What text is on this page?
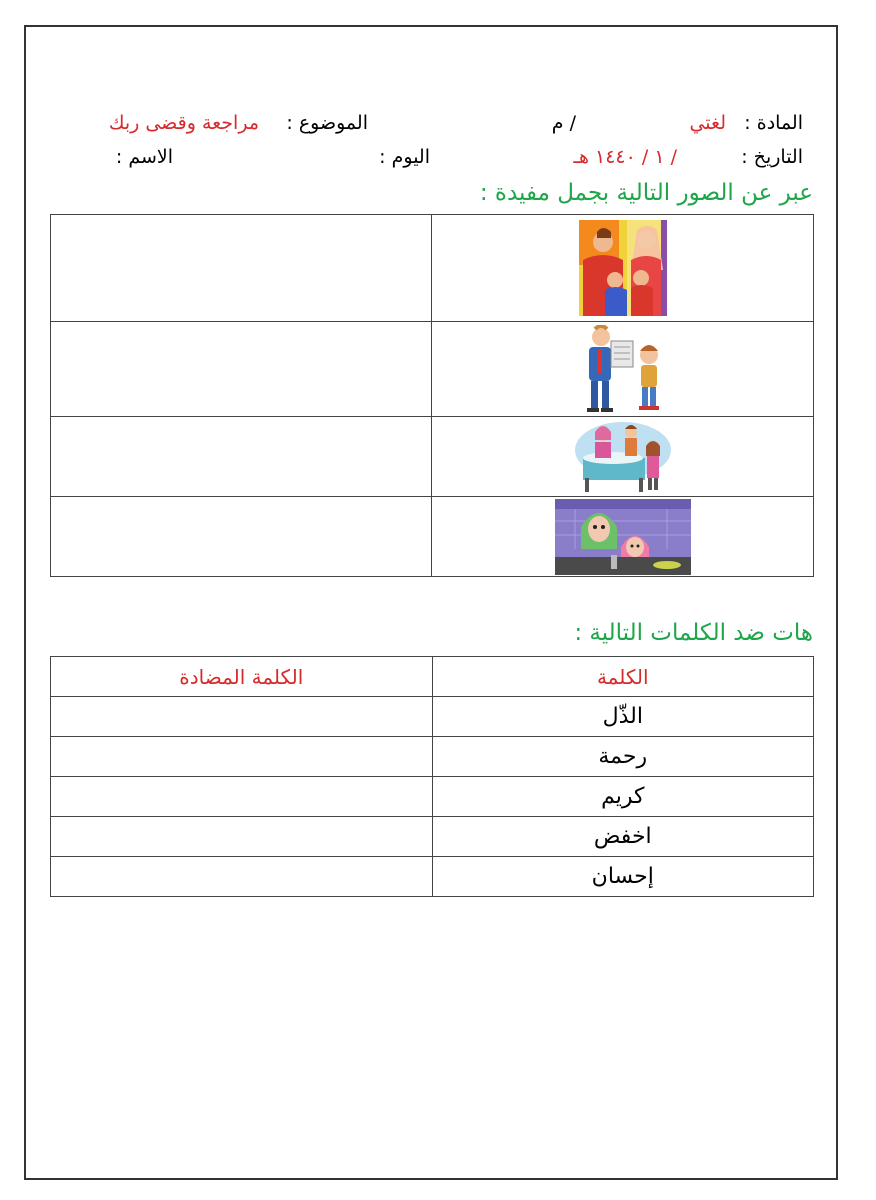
المادة :
لغتي
/ م
الموضوع :
مراجعة وقضى ربك
التاريخ :
/ ١ / ١٤٤٠ هـ
اليوم :
الاسم :
عبر عن الصور التالية بجمل مفيدة :

هات ضد الكلمات التالية :
الكلمة	الكلمة المضادة
الذّل	
رحمة	
كريم	
اخفض	
إحسان	
